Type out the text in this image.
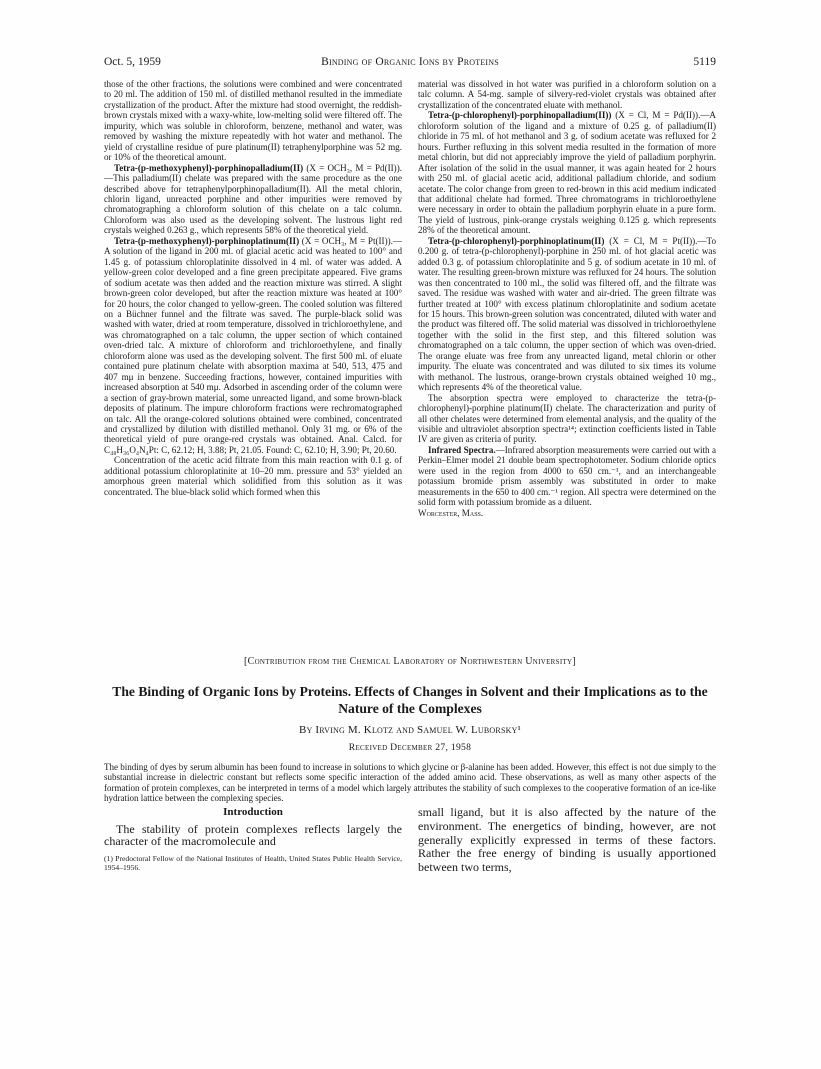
Oct. 5, 1959	Binding of Organic Ions by Proteins	5119

those of the other fractions, the solutions were combined and were concentrated to 20 ml. The addition of 150 ml. of distilled methanol resulted in the immediate crystallization of the product. After the mixture had stood overnight, the reddish-brown crystals mixed with a waxy-white, low-melting solid were filtered off. The impurity, which was soluble in chloroform, benzene, methanol and water, was removed by washing the mixture repeatedly with hot water and methanol. The yield of crystalline residue of pure platinum(II) tetraphenylporphine was 52 mg. or 10% of the theoretical amount.

Tetra-(p-methoxyphenyl)-porphinopalladium(II) (X = OCH₃, M = Pd(II)).—This palladium(II) chelate was prepared with the same procedure as the one described above for tetraphenylporphinopalladium(II). All the metal chlorin, chlorin ligand, unreacted porphine and other impurities were removed by chromatographing a chloroform solution of this chelate on a talc column. Chloroform was also used as the developing solvent. The lustrous light red crystals weighed 0.263 g., which represents 58% of the theoretical yield.

Tetra-(p-methoxyphenyl)-porphinoplatinum(II) (X = OCH₃, M = Pt(II)).—A solution of the ligand in 200 ml. of glacial acetic acid was heated to 100° and 1.45 g. of potassium chloroplatinite dissolved in 4 ml. of water was added. A yellow-green color developed and a fine green precipitate appeared. Five grams of sodium acetate was then added and the reaction mixture was stirred. A slight brown-green color developed, but after the reaction mixture was heated at 100° for 20 hours, the color changed to yellow-green. The cooled solution was filtered on a Büchner funnel and the filtrate was saved. The purple-black solid was washed with water, dried at room temperature, dissolved in trichloroethylene, and was chromatographed on a talc column, the upper section of which contained oven-dried talc. A mixture of chloroform and trichloroethylene, and finally chloroform alone was used as the developing solvent. The first 500 ml. of eluate contained pure platinum chelate with absorption maxima at 540, 513, 475 and 407 mμ in benzene. Succeeding fractions, however, contained impurities with increased absorption at 540 mμ. Adsorbed in ascending order of the column were a section of gray-brown material, some unreacted ligand, and some brown-black deposits of platinum. The impure chloroform fractions were rechromatographed on talc. All the orange-colored solutions obtained were combined, concentrated and crystallized by dilution with distilled methanol. Only 31 mg. or 6% of the theoretical yield of pure orange-red crystals was obtained. Anal. Calcd. for C₄₈H₃₆O₄N₄Pt: C, 62.12; H, 3.88; Pt, 21.05. Found: C, 62.10; H, 3.90; Pt, 20.60.

Concentration of the acetic acid filtrate from this main reaction with 0.1 g. of additional potassium chloroplatinite at 10–20 mm. pressure and 53° yielded an amorphous green material which solidified from this solution as it was concentrated. The blue-black solid which formed when this

material was dissolved in hot water was purified in a chloroform solution on a talc column. A 54-mg. sample of silvery-red-violet crystals was obtained after crystallization of the concentrated eluate with methanol.

Tetra-(p-chlorophenyl)-porphinopalladium(II)) (X = Cl, M = Pd(II)).—A chloroform solution of the ligand and a mixture of 0.25 g. of palladium(II) chloride in 75 ml. of hot methanol and 3 g. of sodium acetate was refluxed for 2 hours. Further refluxing in this solvent media resulted in the formation of more metal chlorin, but did not appreciably improve the yield of palladium porphyrin. After isolation of the solid in the usual manner, it was again heated for 2 hours with 250 ml. of glacial acetic acid, additional palladium chloride, and sodium acetate. The color change from green to red-brown in this acid medium indicated that additional chelate had formed. Three chromatograms in trichloroethylene were necessary in order to obtain the palladium porphyrin eluate in a pure form. The yield of lustrous, pink-orange crystals weighing 0.125 g. which represents 28% of the theoretical amount.

Tetra-(p-chlorophenyl)-porphinoplatinum(II) (X = Cl, M = Pt(II)).—To 0.200 g. of tetra-(p-chlorophenyl)-porphine in 250 ml. of hot glacial acetic was added 0.3 g. of potassium chloroplatinite and 5 g. of sodium acetate in 10 ml. of water. The resulting green-brown mixture was refluxed for 24 hours. The solution was then concentrated to 100 ml., the solid was filtered off, and the filtrate was saved. The residue was washed with water and air-dried. The green filtrate was further treated at 100° with excess platinum chloroplatinite and sodium acetate for 15 hours. This brown-green solution was concentrated, diluted with water and the product was filtered off. The solid material was dissolved in trichloroethylene together with the solid in the first step, and this filtered solution was chromatographed on a talc column, the upper section of which was oven-dried. The orange eluate was free from any unreacted ligand, metal chlorin or other impurity. The eluate was concentrated and was diluted to six times its volume with methanol. The lustrous, orange-brown crystals obtained weighed 10 mg., which represents 4% of the theoretical value.

The absorption spectra were employed to characterize the tetra-(p-chlorophenyl)-porphine platinum(II) chelate. The characterization and purity of all other chelates were determined from elemental analysis, and the quality of the visible and ultraviolet absorption spectra¹⁴; extinction coefficients listed in Table IV are given as criteria of purity.

Infrared Spectra.—Infrared absorption measurements were carried out with a Perkin–Elmer model 21 double beam spectrophotometer. Sodium chloride optics were used in the region from 4000 to 650 cm.⁻¹, and an interchangeable potassium bromide prism assembly was substituted in order to make measurements in the 650 to 400 cm.⁻¹ region. All spectra were determined on the solid form with potassium bromide as a diluent.

Worcester, Mass.

[Contribution from the Chemical Laboratory of Northwestern University]
The Binding of Organic Ions by Proteins. Effects of Changes in Solvent and their Implications as to the Nature of the Complexes
By Irving M. Klotz and Samuel W. Luborsky¹
Received December 27, 1958
The binding of dyes by serum albumin has been found to increase in solutions to which glycine or β-alanine has been added. However, this effect is not due simply to the substantial increase in dielectric constant but reflects some specific interaction of the added amino acid. These observations, as well as many other aspects of the formation of protein complexes, can be interpreted in terms of a model which largely attributes the stability of such complexes to the cooperative formation of an ice-like hydration lattice between the complexing species.
Introduction

The stability of protein complexes reflects largely the character of the macromolecule and

(1) Predoctoral Fellow of the National Institutes of Health, United States Public Health Service, 1954–1956.

small ligand, but it is also affected by the nature of the environment. The energetics of binding, however, are not generally explicitly expressed in terms of these factors. Rather the free energy of binding is usually apportioned between two terms,
